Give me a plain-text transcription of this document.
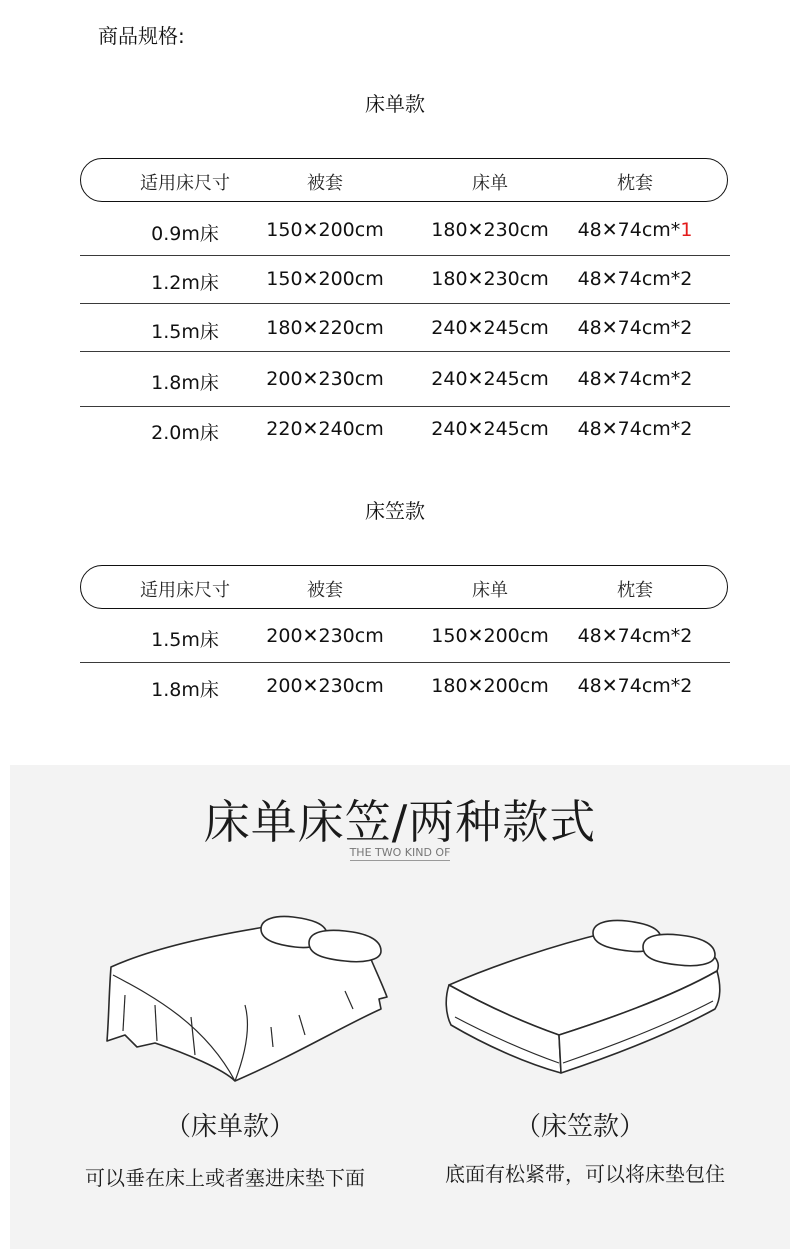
商品规格:
床单款
适用床尺寸	被套	床单	枕套
0.9m床	150✕200cm	180✕230cm	48✕74cm*1
1.2m床	150✕200cm	180✕230cm	48✕74cm*2
1.5m床	180✕220cm	240✕245cm	48✕74cm*2
1.8m床	200✕230cm	240✕245cm	48✕74cm*2
2.0m床	220✕240cm	240✕245cm	48✕74cm*2
床笠款
适用床尺寸	被套	床单	枕套
1.5m床	200✕230cm	150✕200cm	48✕74cm*2
1.8m床	200✕230cm	180✕200cm	48✕74cm*2
床单床笠/两种款式
THE TWO KIND OF
（床单款）	（床笠款）
可以垂在床上或者塞进床垫下面	底面有松紧带，可以将床垫包住
